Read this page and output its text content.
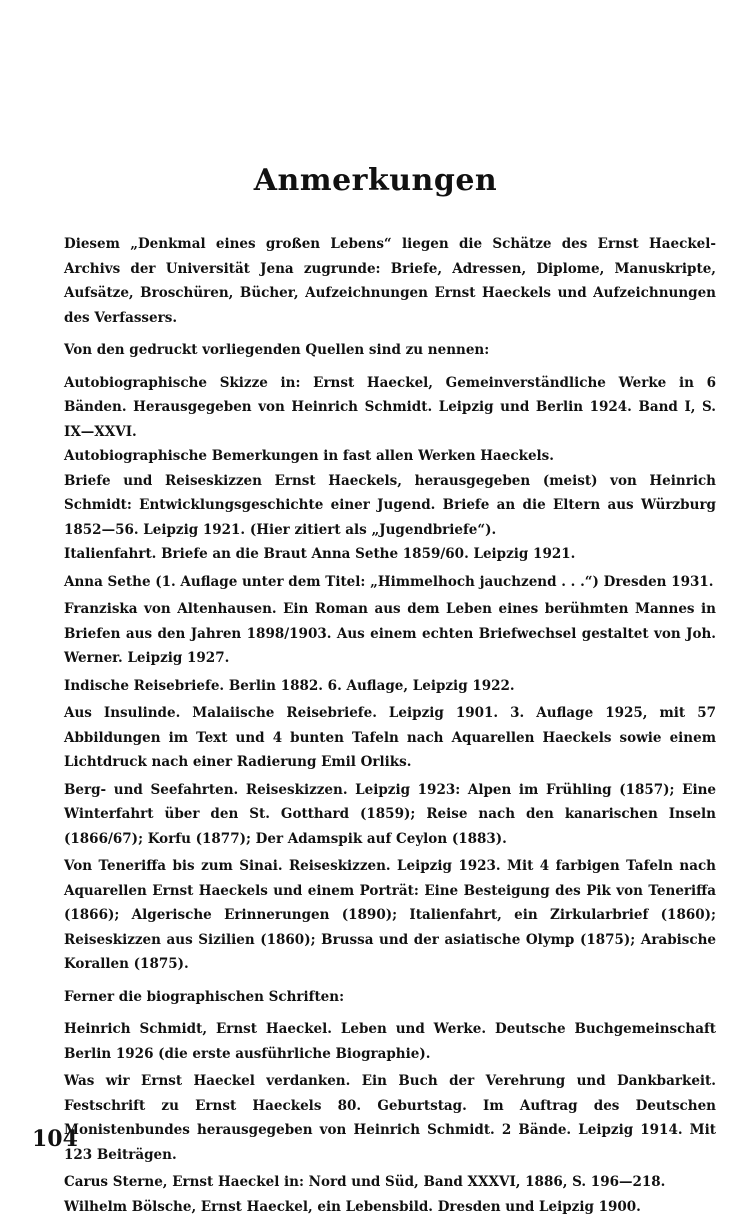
Anmerkungen

Diesem „Denkmal eines großen Lebens“ liegen die Schätze des Ernst Haeckel-Archivs der Universität Jena zugrunde: Briefe, Adressen, Diplome, Manuskripte, Aufsätze, Broschüren, Bücher, Aufzeichnungen Ernst Haeckels und Aufzeichnungen des Verfassers.

Von den gedruckt vorliegenden Quellen sind zu nennen:

Autobiographische Skizze in: Ernst Haeckel, Gemeinverständliche Werke in 6 Bänden. Herausgegeben von Heinrich Schmidt. Leipzig und Berlin 1924. Band I, S. IX—XXVI.

Autobiographische Bemerkungen in fast allen Werken Haeckels.

Briefe und Reiseskizzen Ernst Haeckels, herausgegeben (meist) von Heinrich Schmidt: Entwicklungsgeschichte einer Jugend. Briefe an die Eltern aus Würzburg 1852—56. Leipzig 1921. (Hier zitiert als „Jugendbriefe“).

Italienfahrt. Briefe an die Braut Anna Sethe 1859/60. Leipzig 1921.

Anna Sethe (1. Auflage unter dem Titel: „Himmelhoch jauchzend . . .“) Dresden 1931.

Franziska von Altenhausen. Ein Roman aus dem Leben eines berühmten Mannes in Briefen aus den Jahren 1898/1903. Aus einem echten Briefwechsel gestaltet von Joh. Werner. Leipzig 1927.

Indische Reisebriefe. Berlin 1882. 6. Auflage, Leipzig 1922.

Aus Insulinde. Malaiische Reisebriefe. Leipzig 1901. 3. Auflage 1925, mit 57 Abbildungen im Text und 4 bunten Tafeln nach Aquarellen Haeckels sowie einem Lichtdruck nach einer Radierung Emil Orliks.

Berg- und Seefahrten. Reiseskizzen. Leipzig 1923: Alpen im Frühling (1857); Eine Winterfahrt über den St. Gotthard (1859); Reise nach den kanarischen Inseln (1866/67); Korfu (1877); Der Adamspik auf Ceylon (1883).

Von Teneriffa bis zum Sinai. Reiseskizzen. Leipzig 1923. Mit 4 farbigen Tafeln nach Aquarellen Ernst Haeckels und einem Porträt: Eine Besteigung des Pik von Teneriffa (1866); Algerische Erinnerungen (1890); Italienfahrt, ein Zirkularbrief (1860); Reiseskizzen aus Sizilien (1860); Brussa und der asiatische Olymp (1875); Arabische Korallen (1875).

Ferner die biographischen Schriften:

Heinrich Schmidt, Ernst Haeckel. Leben und Werke. Deutsche Buchgemeinschaft Berlin 1926 (die erste ausführliche Biographie).

Was wir Ernst Haeckel verdanken. Ein Buch der Verehrung und Dankbarkeit. Festschrift zu Ernst Haeckels 80. Geburtstag. Im Auftrag des Deutschen Monistenbundes herausgegeben von Heinrich Schmidt. 2 Bände. Leipzig 1914. Mit 123 Beiträgen.

Carus Sterne, Ernst Haeckel in: Nord und Süd, Band XXXVI, 1886, S. 196—218.

Wilhelm Bölsche, Ernst Haeckel, ein Lebensbild. Dresden und Leipzig 1900.

104
